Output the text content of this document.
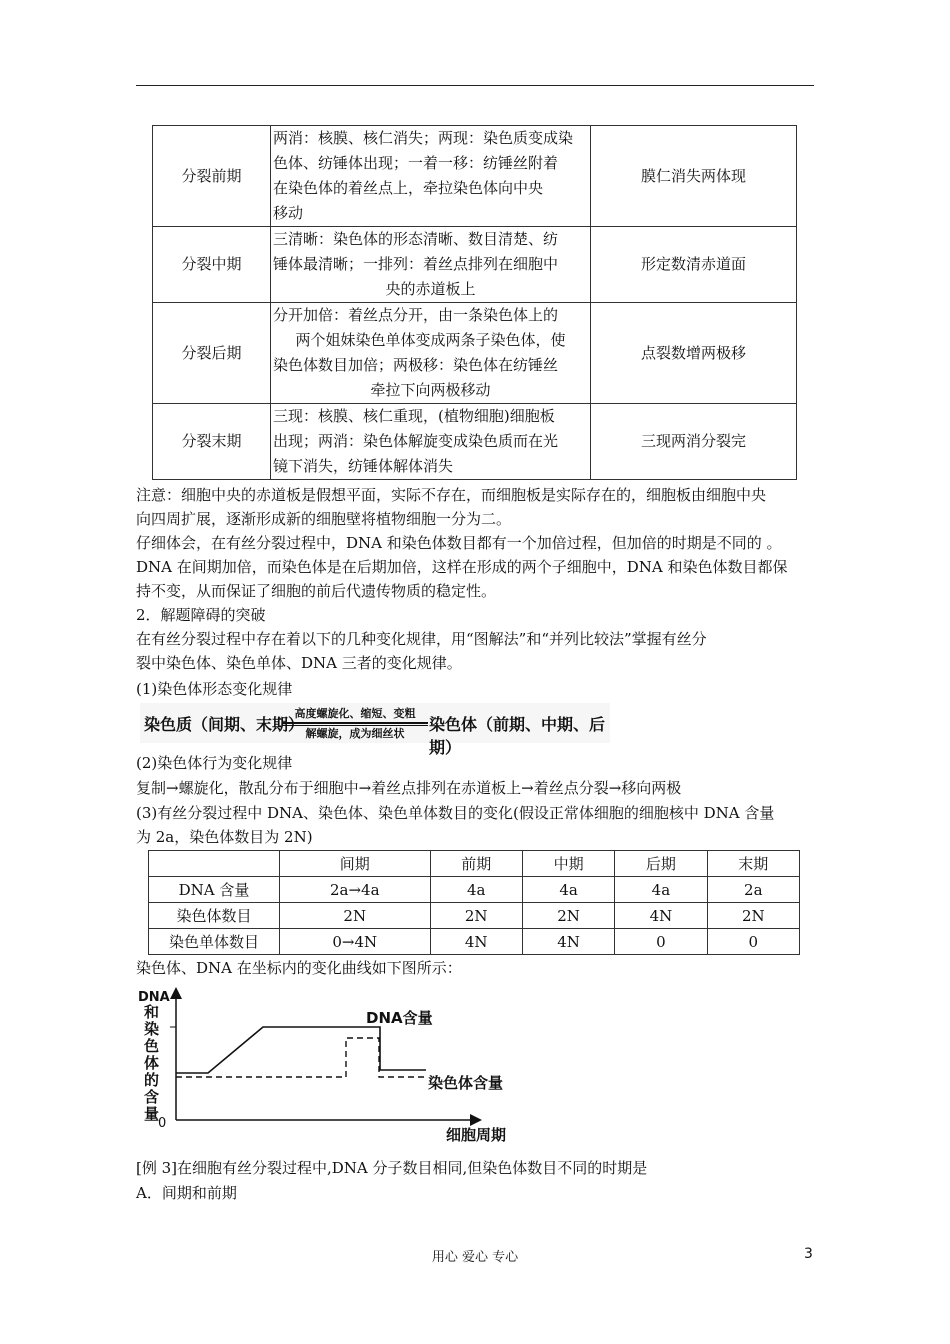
分裂前期	两消：核膜、核仁消失；两现：染色质变成染
色体、纺锤体出现；一着一移：纺锤丝附着
在染色体的着丝点上，牵拉染色体向中央
移动	膜仁消失两体现
分裂中期	三清晰：染色体的形态清晰、数目清楚、纺
锤体最清晰；一排列：着丝点排列在细胞中
央的赤道板上	形定数清赤道面
分裂后期	分开加倍：着丝点分开，由一条染色体上的
两个姐妹染色单体变成两条子染色体，使
染色体数目加倍；两极移：染色体在纺锤丝
牵拉下向两极移动	点裂数增两极移
分裂末期	三现：核膜、核仁重现，(植物细胞)细胞板
出现；两消：染色体解旋变成染色质而在光
镜下消失，纺锤体解体消失	三现两消分裂完
注意：细胞中央的赤道板是假想平面，实际不存在，而细胞板是实际存在的，细胞板由细胞中央
向四周扩展，逐渐形成新的细胞壁将植物细胞一分为二。
仔细体会，在有丝分裂过程中，DNA 和染色体数目都有一个加倍过程，但加倍的时期是不同的 。
DNA 在间期加倍，而染色体是在后期加倍，这样在形成的两个子细胞中，DNA 和染色体数目都保
持不变，从而保证了细胞的前后代遗传物质的稳定性。
2．解题障碍的突破
在有丝分裂过程中存在着以下的几种变化规律，用“图解法”和“并列比较法”掌握有丝分
裂中染色体、染色单体、DNA 三者的变化规律。
(1)染色体形态变化规律
染色质（间期、末期）
高度螺旋化、缩短、变粗
解螺旋，成为细丝状	染色体（前期、中期、后期）
(2)染色体行为变化规律
复制→螺旋化，散乱分布于细胞中→着丝点排列在赤道板上→着丝点分裂→移向两极
(3)有丝分裂过程中 DNA、染色体、染色单体数目的变化(假设正常体细胞的细胞核中 DNA 含量
为 2a，染色体数目为 2N)
	间期	前期	中期	后期	末期
DNA 含量	2a→4a	4a	4a	4a	2a
染色体数目	2N	2N	2N	4N	2N
染色单体数目	0→4N	4N	4N	0	0
染色体、DNA 在坐标内的变化曲线如下图所示：
DNA
和
染
色
体
的
含
量
0
DNA含量
染色体含量
细胞周期
[例 3]在细胞有丝分裂过程中,DNA 分子数目相同,但染色体数目不同的时期是
A．间期和前期
用心 爱心 专心	3
